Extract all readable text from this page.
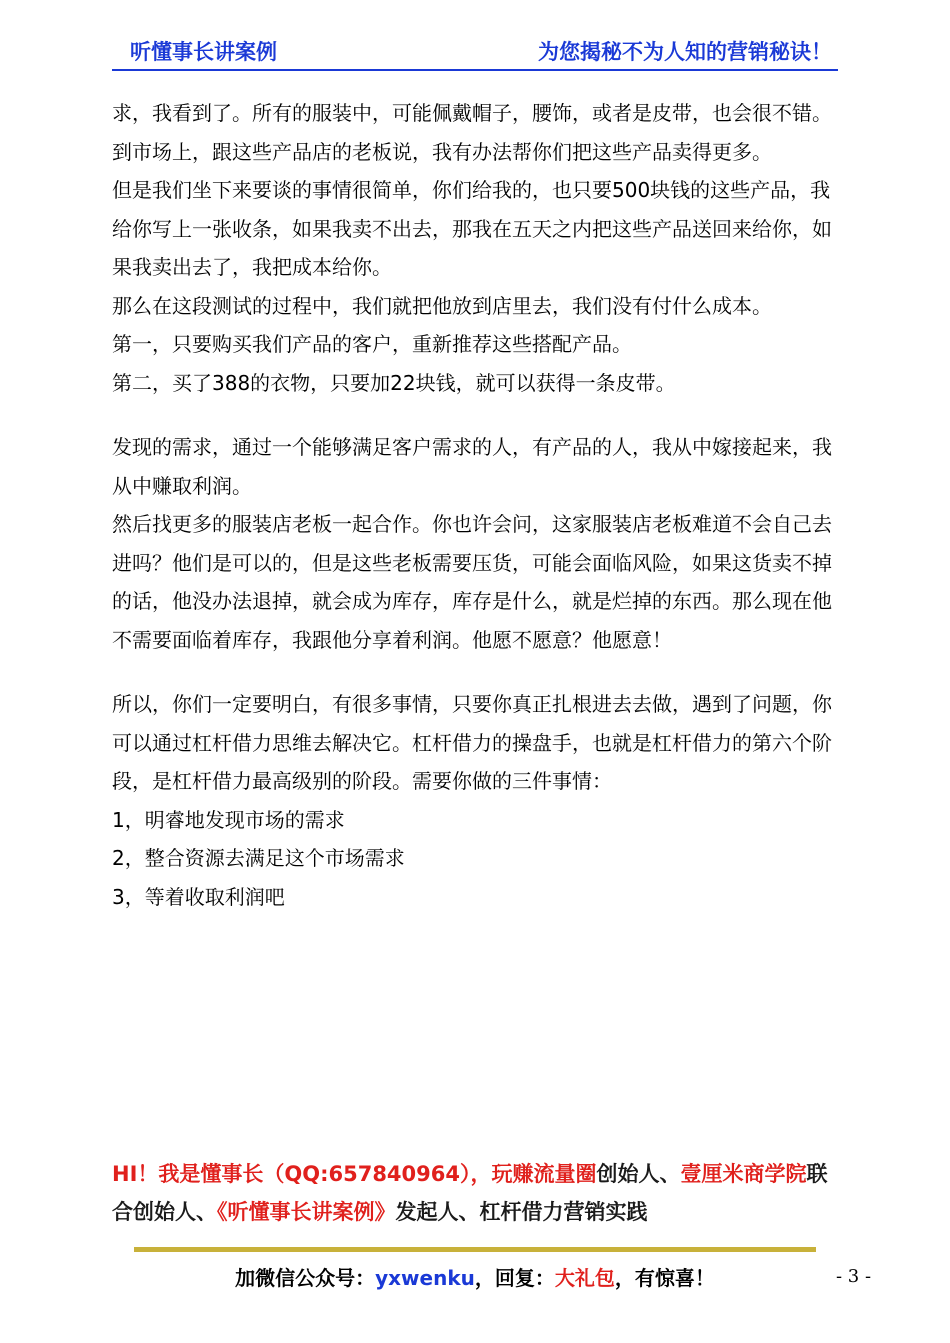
听懂事长讲案例	为您揭秘不为人知的营销秘诀！

求，我看到了。所有的服装中，可能佩戴帽子，腰饰，或者是皮带，也会很不错。到市场上，跟这些产品店的老板说，我有办法帮你们把这些产品卖得更多。

但是我们坐下来要谈的事情很简单，你们给我的，也只要500块钱的这些产品，我给你写上一张收条，如果我卖不出去，那我在五天之内把这些产品送回来给你，如果我卖出去了，我把成本给你。

那么在这段测试的过程中，我们就把他放到店里去，我们没有付什么成本。

第一，只要购买我们产品的客户，重新推荐这些搭配产品。

第二，买了388的衣物，只要加22块钱，就可以获得一条皮带。

发现的需求，通过一个能够满足客户需求的人，有产品的人，我从中嫁接起来，我从中赚取利润。

然后找更多的服装店老板一起合作。你也许会问，这家服装店老板难道不会自己去进吗？他们是可以的，但是这些老板需要压货，可能会面临风险，如果这货卖不掉的话，他没办法退掉，就会成为库存，库存是什么，就是烂掉的东西。那么现在他不需要面临着库存，我跟他分享着利润。他愿不愿意？他愿意！

所以，你们一定要明白，有很多事情，只要你真正扎根进去去做，遇到了问题，你可以通过杠杆借力思维去解决它。杠杆借力的操盘手，也就是杠杆借力的第六个阶段，是杠杆借力最高级别的阶段。需要你做的三件事情：

1，明睿地发现市场的需求

2，整合资源去满足这个市场需求

3，等着收取利润吧

HI！我是懂事长（QQ:657840964），玩赚流量圈创始人、壹厘米商学院联合创始人、《听懂事长讲案例》发起人、杠杆借力营销实践
加微信公众号：yxwenku，回复：大礼包，有惊喜！	- 3 -
